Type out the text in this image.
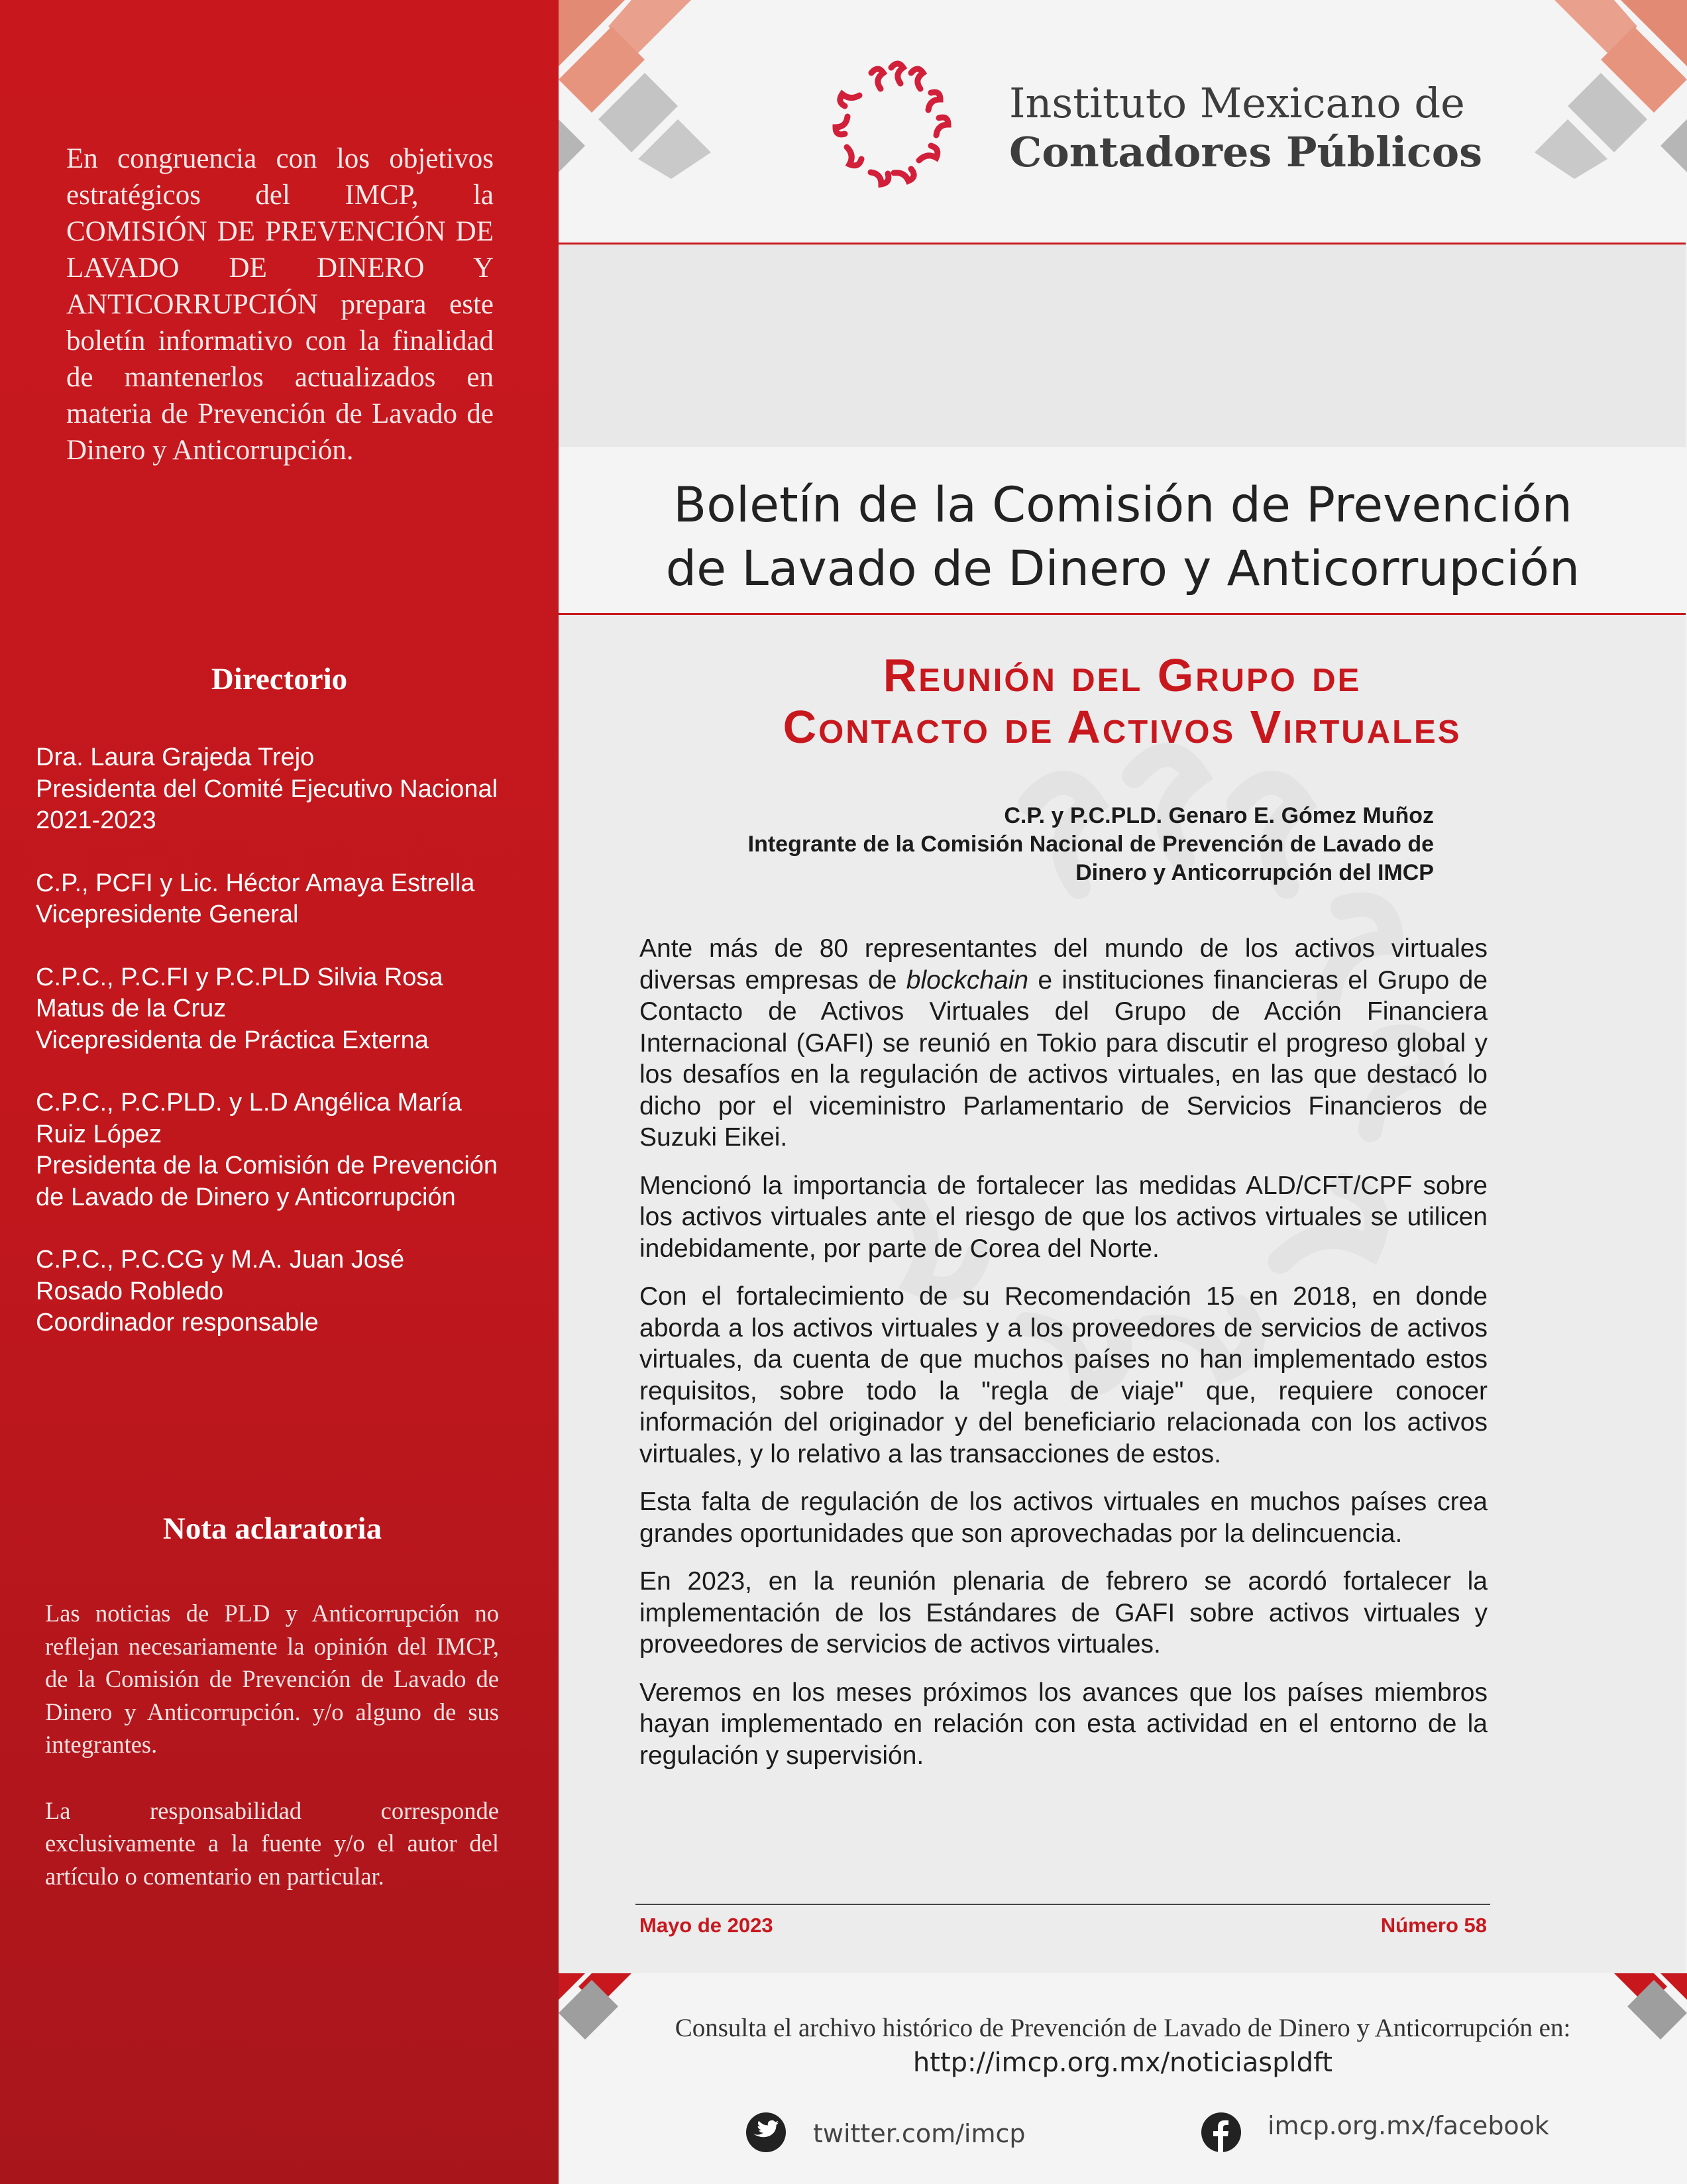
En congruencia con los objetivos estratégicos del IMCP, la COMISIÓN DE PREVENCIÓN DE LAVADO DE DINERO Y ANTICORRUPCIÓN prepara este boletín informativo con la finalidad de mantenerlos actualizados en materia de Prevención de Lavado de Dinero y Anticorrupción.
Directorio
Dra. Laura Grajeda Trejo
Presidenta del Comité Ejecutivo Nacional
2021-2023
C.P., PCFI y Lic. Héctor Amaya Estrella
Vicepresidente General
C.P.C., P.C.FI y P.C.PLD Silvia Rosa
Matus de la Cruz
Vicepresidenta de Práctica Externa
C.P.C., P.C.PLD. y L.D Angélica María
Ruiz López
Presidenta de la Comisión de Prevención
de Lavado de Dinero y Anticorrupción
C.P.C., P.C.CG y M.A. Juan José
Rosado Robledo
Coordinador responsable
Nota aclaratoria

Las noticias de PLD y Anticorrupción no reflejan necesariamente la opinión del IMCP, de la Comisión de Prevención de Lavado de Dinero y Anticorrupción. y/o alguno de sus integrantes.

La responsabilidad corresponde exclusivamente a la fuente y/o el autor del artículo o comentario en particular.

Instituto Mexicano de
Contadores Públicos
Boletín de la Comisión de Prevención
de Lavado de Dinero y Anticorrupción
Reunión del Grupo de
Contacto de Activos Virtuales
C.P. y P.C.PLD. Genaro E. Gómez Muñoz
Integrante de la Comisión Nacional de Prevención de Lavado de
Dinero y Anticorrupción del IMCP

Ante más de 80 representantes del mundo de los activos virtuales diversas empresas de blockchain e instituciones financieras el Grupo de Contacto de Activos Virtuales del Grupo de Acción Financiera Internacional (GAFI) se reunió en Tokio para discutir el progreso global y los desafíos en la regulación de activos virtuales, en las que destacó lo dicho por el viceministro Parlamentario de Servicios Financieros de Suzuki Eikei.

Mencionó la importancia de fortalecer las medidas ALD/CFT/CPF sobre los activos virtuales ante el riesgo de que los activos virtuales se utilicen indebidamente, por parte de Corea del Norte.

Con el fortalecimiento de su Recomendación 15 en 2018, en donde aborda a los activos virtuales y a los proveedores de servicios de activos virtuales, da cuenta de que muchos países no han implementado estos requisitos, sobre todo la "regla de viaje" que, requiere conocer información del originador y del beneficiario relacionada con los activos virtuales, y lo relativo a las transacciones de estos.

Esta falta de regulación de los activos virtuales en muchos países crea grandes oportunidades que son aprovechadas por la delincuencia.

En 2023, en la reunión plenaria de febrero se acordó fortalecer la implementación de los Estándares de GAFI sobre activos virtuales y proveedores de servicios de activos virtuales.

Veremos en los meses próximos los avances que los países miembros hayan implementado en relación con esta actividad en el entorno de la regulación y supervisión.

Mayo de 2023	Número 58
Consulta el archivo histórico de Prevención de Lavado de Dinero y Anticorrupción en:
http://imcp.org.mx/noticiaspldft
twitter.com/imcp	imcp.org.mx/facebook
